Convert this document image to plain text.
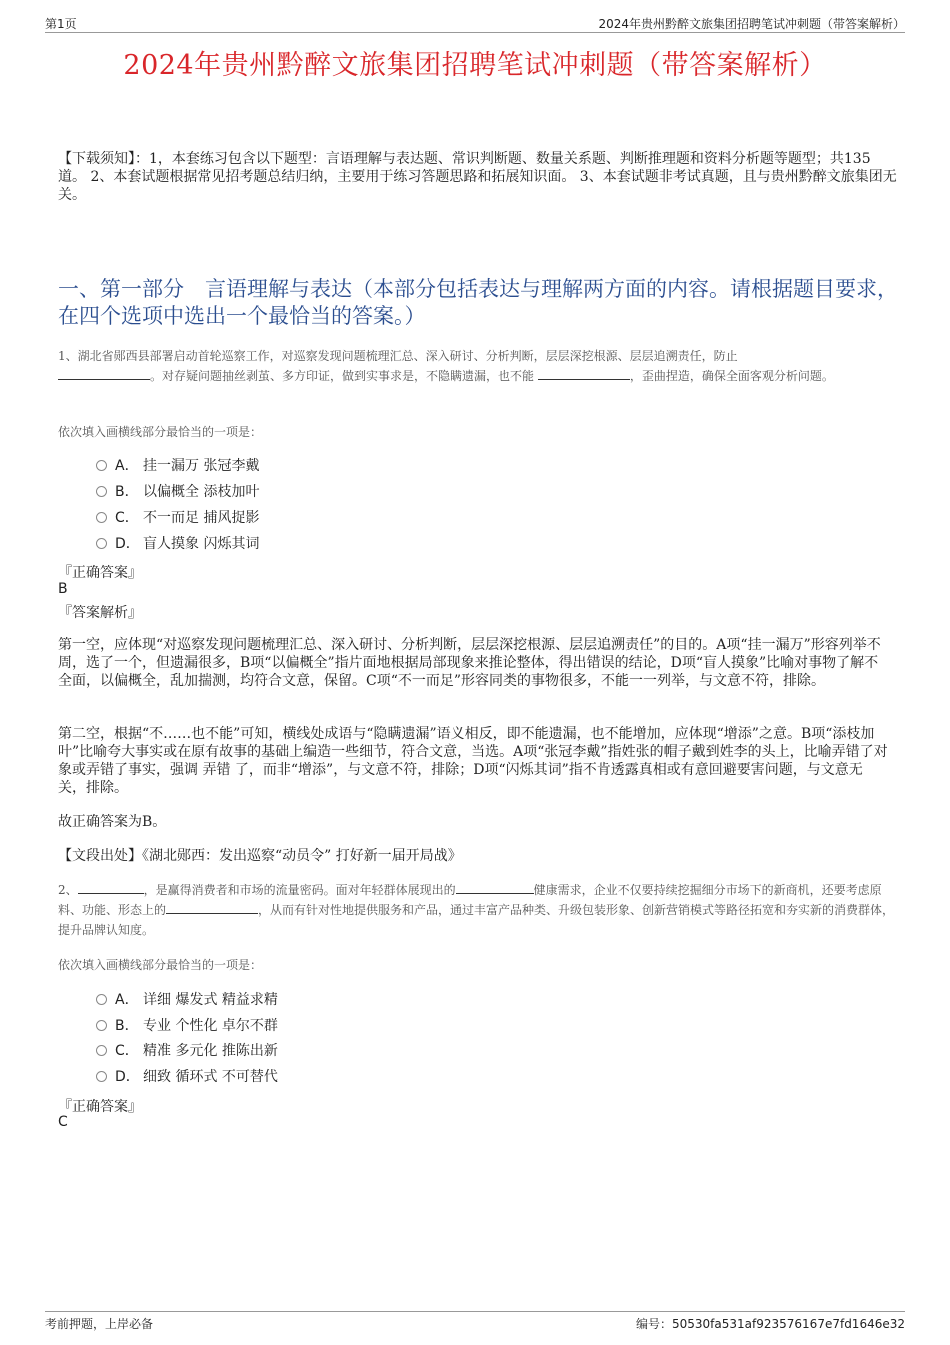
第1页	2024年贵州黔醉文旅集团招聘笔试冲刺题（带答案解析）
2024年贵州黔醉文旅集团招聘笔试冲刺题（带答案解析）
【下载须知】：1，本套练习包含以下题型：言语理解与表达题、常识判断题、数量关系题、判断推理题和资料分析题等题型；共135道。 2、本套试题根据常见招考题总结归纳，主要用于练习答题思路和拓展知识面。 3、本套试题非考试真题，且与贵州黔醉文旅集团无关。
一、第一部分　言语理解与表达（本部分包括表达与理解两方面的内容。请根据题目要求，在四个选项中选出一个最恰当的答案。）
1、湖北省郧西县部署启动首轮巡察工作，对巡察发现问题梳理汇总、深入研讨、分析判断，层层深挖根源、层层追溯责任，防止
。对存疑问题抽丝剥茧、多方印证，做到实事求是，不隐瞒遗漏，也不能	，歪曲捏造，确保全面客观分析问题。
依次填入画横线部分最恰当的一项是：
A． 挂一漏万 张冠李戴
B． 以偏概全 添枝加叶
C． 不一而足 捕风捉影
D． 盲人摸象 闪烁其词
『正确答案』
B
『答案解析』
第一空，应体现“对巡察发现问题梳理汇总、深入研讨、分析判断，层层深挖根源、层层追溯责任”的目的。A项“挂一漏万”形容列举不周，选了一个，但遗漏很多，B项“以偏概全”指片面地根据局部现象来推论整体，得出错误的结论，D项“盲人摸象”比喻对事物了解不全面，以偏概全，乱加揣测，均符合文意，保留。C项“不一而足”形容同类的事物很多，不能一一列举，与文意不符，排除。
第二空，根据“不……也不能”可知，横线处成语与“隐瞒遗漏”语义相反，即不能遗漏，也不能增加，应体现“增添”之意。B项“添枝加叶”比喻夸大事实或在原有故事的基础上编造一些细节，符合文意，当选。A项“张冠李戴”指姓张的帽子戴到姓李的头上，比喻弄错了对象或弄错了事实，强调 弄错 了，而非“增添”，与文意不符，排除；D项“闪烁其词”指不肯透露真相或有意回避要害问题，与文意无关，排除。
故正确答案为B。
【文段出处】《湖北郧西：发出巡察“动员令” 打好新一届开局战》
2、	，是赢得消费者和市场的流量密码。面对年轻群体展现出的	健康需求，企业不仅要持续挖掘细分市场下的新商机，还要考虑原料、功能、形态上的	，从而有针对性地提供服务和产品，通过丰富产品种类、升级包装形象、创新营销模式等路径拓宽和夯实新的消费群体，提升品牌认知度。
依次填入画横线部分最恰当的一项是：
A． 详细 爆发式 精益求精
B． 专业 个性化 卓尔不群
C． 精准 多元化 推陈出新
D． 细致 循环式 不可替代
『正确答案』
C
考前押题，上岸必备	编号：50530fa531af923576167e7fd1646e32
